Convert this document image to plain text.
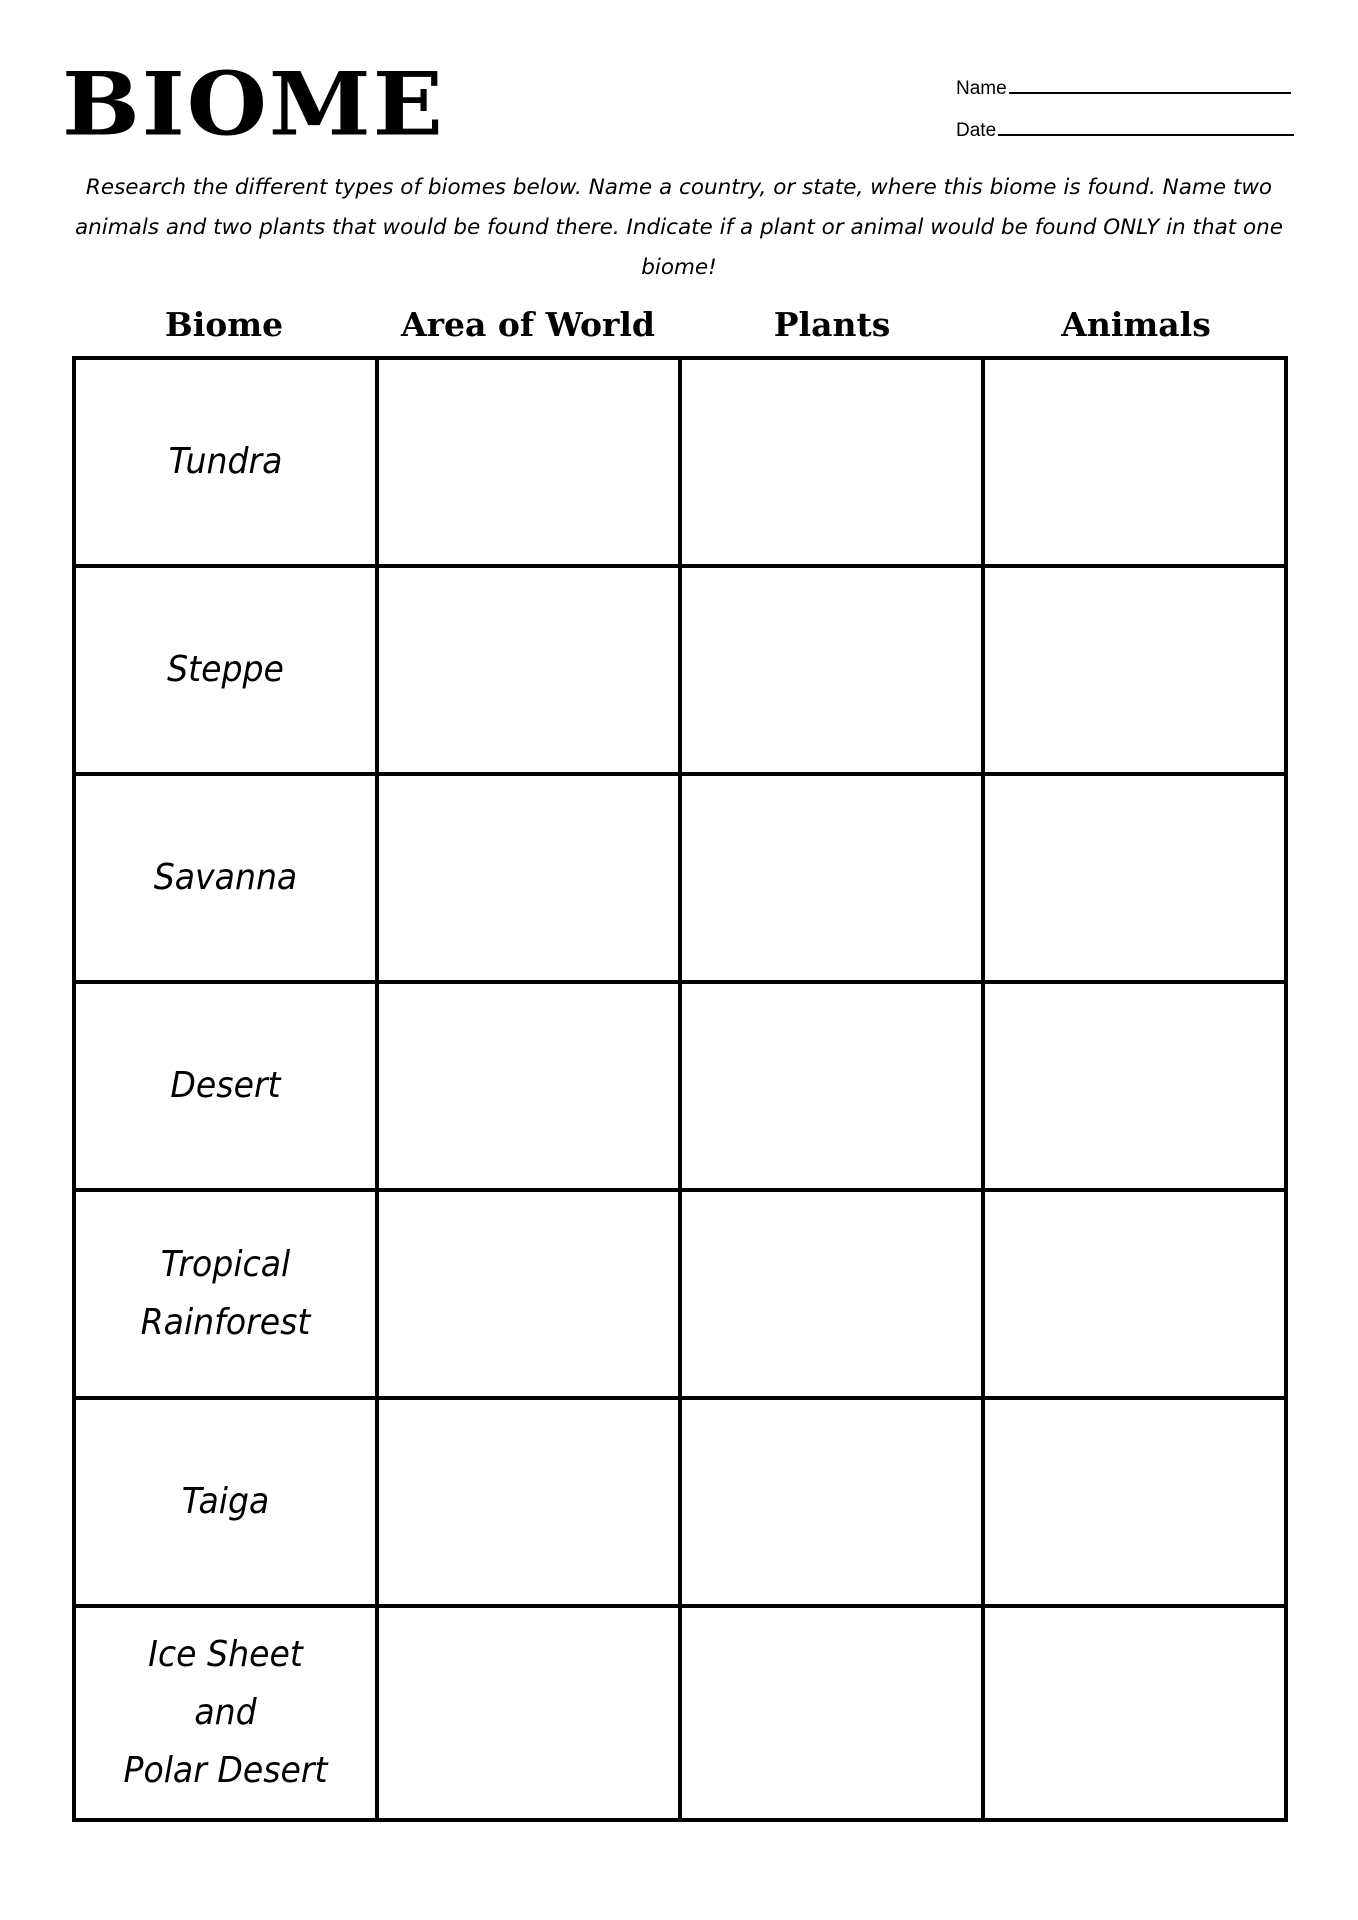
BIOME	Name
Date

Research the different types of biomes below. Name a country, or state, where this biome is found. Name two animals and two plants that would be found there. Indicate if a plant or animal would be found ONLY in that one biome!

Biome	Area of World	Plants	Animals
Tundra			

Steppe			

Savanna			

Desert			

Tropical
Rainforest			

Taiga			

Ice Sheet
and
Polar Desert			
